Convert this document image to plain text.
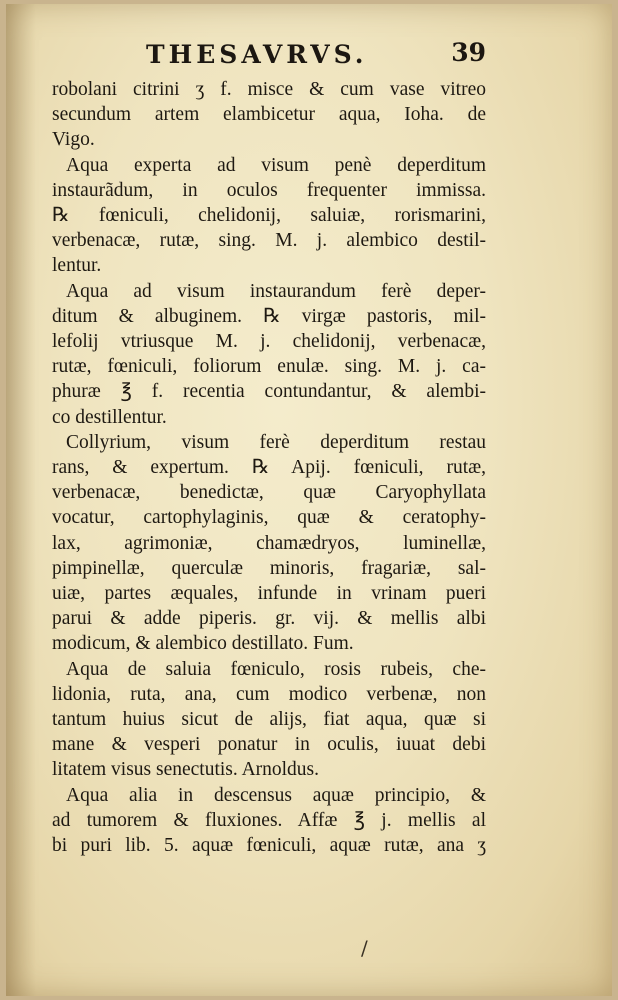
THESAVRVS.	39
robolani citrini ʒ f. misce & cum vase vitreo
secundum artem elambicetur aqua, Ioha. de
Vigo.
Aqua experta ad visum penè deperditum
instaurãdum, in oculos frequenter immissa.
℞ fœniculi, chelidonij, saluiæ, rorismarini,
verbenacæ, rutæ, sing. M. j. alembico destil-
lentur.
Aqua ad visum instaurandum ferè deper-
ditum & albuginem. ℞ virgæ pastoris, mil-
lefolij vtriusque M. j. chelidonij, verbenacæ,
rutæ, fœniculi, foliorum enulæ. sing. M. j. ca-
phuræ ℥ f. recentia contundantur, & alembi-
co destillentur.
Collyrium, visum ferè deperditum restau
rans, & expertum. ℞ Apij. fœniculi, rutæ,
verbenacæ, benedictæ, quæ Caryophyllata
vocatur, cartophylaginis, quæ & ceratophy-
lax, agrimoniæ, chamædryos, luminellæ,
pimpinellæ, querculæ minoris, fragariæ, sal-
uiæ, partes æquales, infunde in vrinam pueri
parui & adde piperis. gr. vij. & mellis albi
modicum, & alembico destillato. Fum.
Aqua de saluia fœniculo, rosis rubeis, che-
lidonia, ruta, ana, cum modico verbenæ, non
tantum huius sicut de alijs, fiat aqua, quæ si
mane & vesperi ponatur in oculis, iuuat debi
litatem visus senectutis. Arnoldus.
Aqua alia in descensus aquæ principio, &
ad tumorem & fluxiones. Affæ ℥ j. mellis al
bi puri lib. 5. aquæ fœniculi, aquæ rutæ, ana ʒ
/
